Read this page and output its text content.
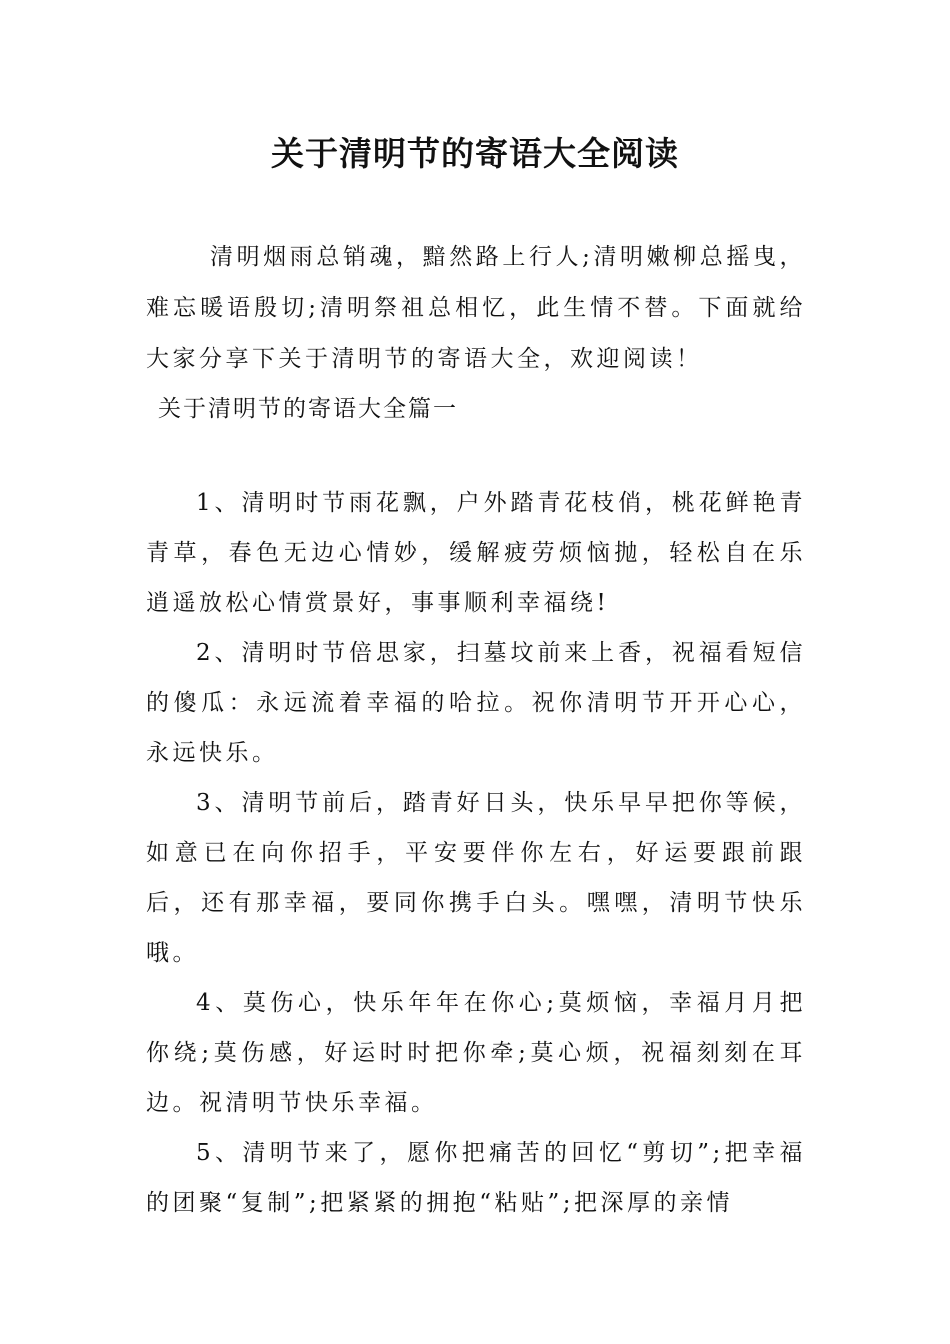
关于清明节的寄语大全阅读

清明烟雨总销魂，黯然路上行人;清明嫩柳总摇曳，难忘暖语殷切;清明祭祖总相忆，此生情不替。下面就给大家分享下关于清明节的寄语大全，欢迎阅读！

关于清明节的寄语大全篇一

1、清明时节雨花飘，户外踏青花枝俏，桃花鲜艳青青草，春色无边心情妙，缓解疲劳烦恼抛，轻松自在乐逍遥放松心情赏景好，事事顺利幸福绕!

2、清明时节倍思家，扫墓坟前来上香，祝福看短信的傻瓜：永远流着幸福的哈拉。祝你清明节开开心心，永远快乐。

3、清明节前后，踏青好日头，快乐早早把你等候，如意已在向你招手，平安要伴你左右，好运要跟前跟后，还有那幸福，要同你携手白头。嘿嘿，清明节快乐哦。

4、莫伤心，快乐年年在你心;莫烦恼，幸福月月把你绕;莫伤感，好运时时把你牵;莫心烦，祝福刻刻在耳边。祝清明节快乐幸福。

5、清明节来了，愿你把痛苦的回忆“剪切”;把幸福的团聚“复制”;把紧紧的拥抱“粘贴”;把深厚的亲情
